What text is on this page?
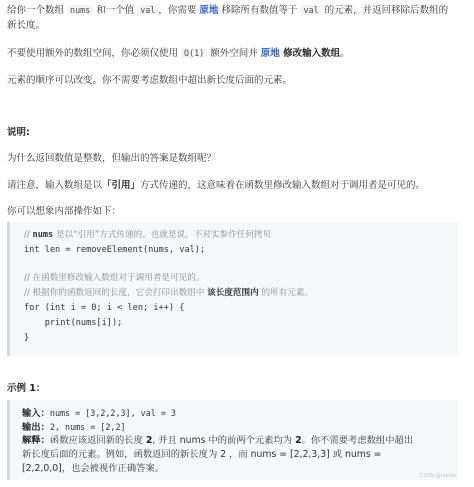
给你一个数组 nums 和一个值 val ，你需要 原地 移除所有数值等于 val 的元素，并返回移除后数组的
新长度。
不要使用额外的数组空间，你必须仅使用 O(1) 额外空间并 原地 修改输入数组。
元素的顺序可以改变。你不需要考虑数组中超出新长度后面的元素。
说明:
为什么返回数值是整数，但输出的答案是数组呢？
请注意，输入数组是以「引用」方式传递的，这意味着在函数里修改输入数组对于调用者是可见的。
你可以想象内部操作如下：
// nums 是以“引用”方式传递的。也就是说，不对实参作任何拷贝
int len = removeElement(nums, val);
// 在函数里修改输入数组对于调用者是可见的。
// 根据你的函数返回的长度，它会打印出数组中 该长度范围内 的所有元素。
for (int i = 0; i < len; i++) {
print(nums[i]);
}
示例 1：
输入：nums = [3,2,2,3], val = 3
输出：2, nums = [2,2]
解释：函数应该返回新的长度 2, 并且 nums 中的前两个元素均为 2。你不需要考虑数组中超出
新长度后面的元素。例如，函数返回的新长度为 2 ，而 nums = [2,2,3,3] 或 nums =
[2,2,0,0]，也会被视作正确答案。
CSDN @njxidu
